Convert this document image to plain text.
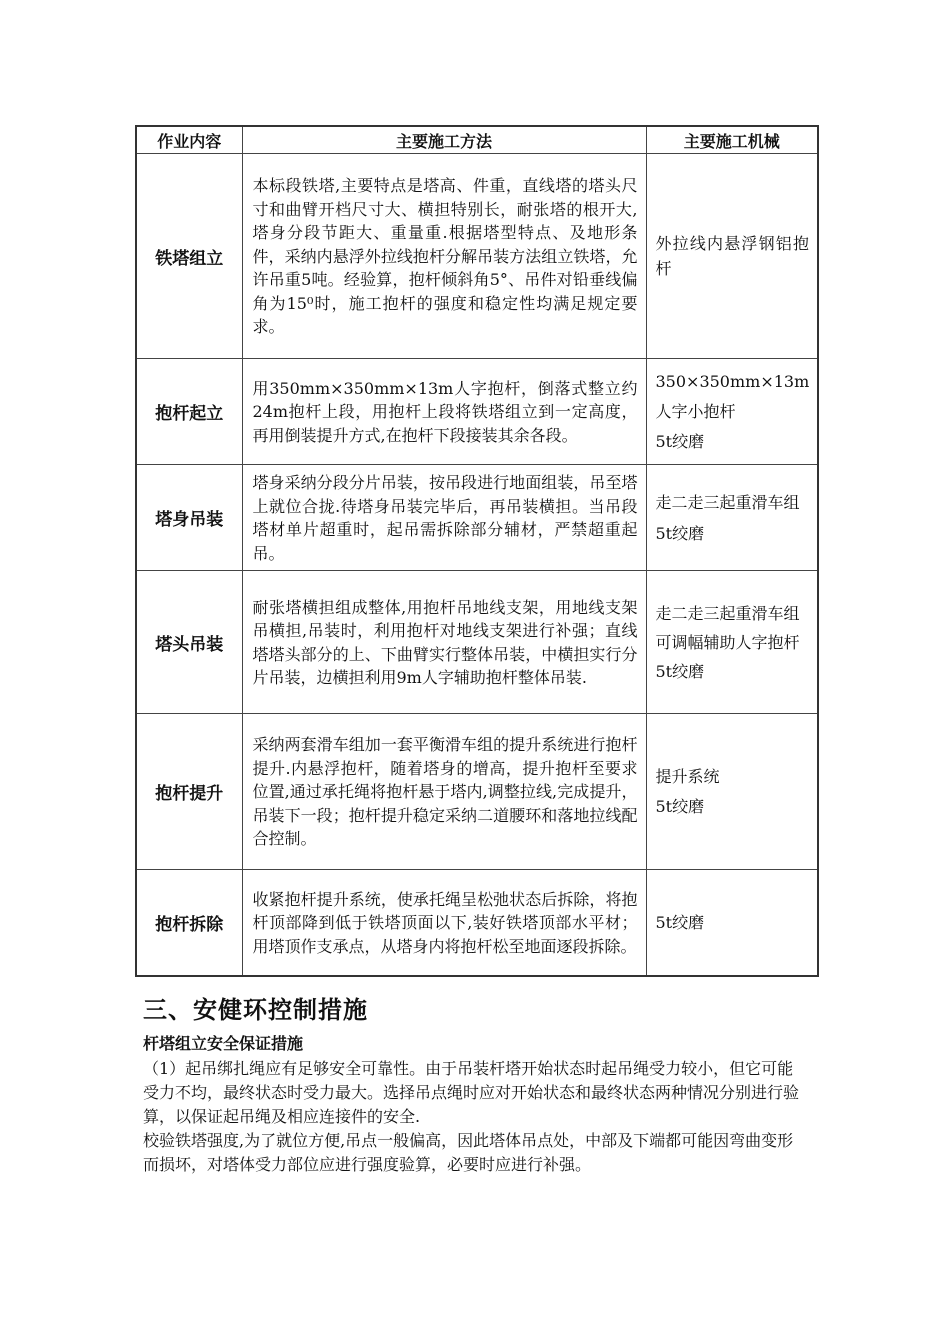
作业内容	主要施工方法	主要施工机械
铁塔组立	本标段铁塔,主要特点是塔高、件重，直线塔的塔头尺寸和曲臂开档尺寸大、横担特别长，耐张塔的根开大,塔身分段节距大、重量重.根据塔型特点、及地形条件，采纳内悬浮外拉线抱杆分解吊装方法组立铁塔，允许吊重5吨。经验算，抱杆倾斜角5°、吊件对铅垂线偏角为15⁰时，施工抱杆的强度和稳定性均满足规定要求。	外拉线内悬浮钢铝抱杆

抱杆起立	用350mm×350mm×13m人字抱杆，倒落式整立约24m抱杆上段，用抱杆上段将铁塔组立到一定高度，再用倒装提升方式,在抱杆下段接装其余各段。	350×350mm×13m
人字小抱杆
5t绞磨

塔身吊装	塔身采纳分段分片吊装，按吊段进行地面组装，吊至塔上就位合拢.待塔身吊装完毕后，再吊装横担。当吊段塔材单片超重时，起吊需拆除部分辅材，严禁超重起吊。	走二走三起重滑车组
5t绞磨

塔头吊装	耐张塔横担组成整体,用抱杆吊地线支架，用地线支架吊横担,吊装时，利用抱杆对地线支架进行补强；直线塔塔头部分的上、下曲臂实行整体吊装，中横担实行分片吊装，边横担利用9m人字辅助抱杆整体吊装.	走二走三起重滑车组
可调幅辅助人字抱杆
5t绞磨

抱杆提升	采纳两套滑车组加一套平衡滑车组的提升系统进行抱杆提升.内悬浮抱杆，随着塔身的增高，提升抱杆至要求位置,通过承托绳将抱杆悬于塔内,调整拉线,完成提升，吊装下一段；抱杆提升稳定采纳二道腰环和落地拉线配合控制。	提升系统
5t绞磨

抱杆拆除	收紧抱杆提升系统，使承托绳呈松弛状态后拆除，将抱杆顶部降到低于铁塔顶面以下,装好铁塔顶部水平材；用塔顶作支承点，从塔身内将抱杆松至地面逐段拆除。	5t绞磨
三、安健环控制措施
杆塔组立安全保证措施

（1）起吊绑扎绳应有足够安全可靠性。由于吊装杆塔开始状态时起吊绳受力较小，但它可能受力不均，最终状态时受力最大。选择吊点绳时应对开始状态和最终状态两种情况分别进行验算，以保证起吊绳及相应连接件的安全.

校验铁塔强度,为了就位方便,吊点一般偏高，因此塔体吊点处，中部及下端都可能因弯曲变形而损坏，对塔体受力部位应进行强度验算，必要时应进行补强。
